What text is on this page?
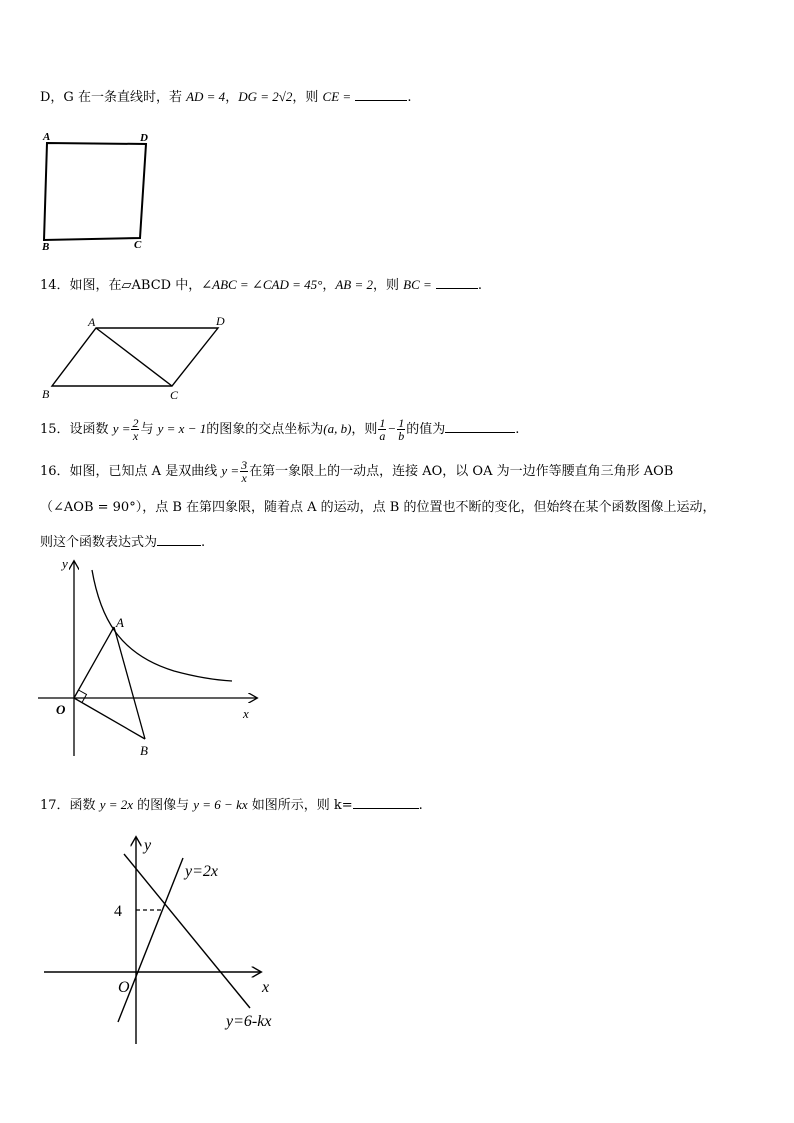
D，G 在一条直线时，若 AD = 4，DG = 2√2，则 CE =	.
A	D
B	C
14．如图，在▱ABCD 中，∠ABC = ∠CAD = 45°，AB = 2，则 BC =	.
A	D
B	C
15．设函数 $y = \frac{2}{x}$ 与 y = x − 1的图象的交点坐标为(a, b)，则 $\frac{1}{a} - \frac{1}{b}$ 的值为	.
16．如图，已知点 A 是双曲线 $y = \frac{3}{x}$ 在第一象限上的一动点，连接 AO，以 OA 为一边作等腰直角三角形 AOB
（∠AOB = 90°），点 B 在第四象限，随着点 A 的运动，点 B 的位置也不断的变化，但始终在某个函数图像上运动，
则这个函数表达式为	.
y
A
O	x
B
17．函数 y = 2x 的图像与 y = 6 − kx 如图所示，则 k=	.
y
y=2x
4
O	x
y=6-kx
